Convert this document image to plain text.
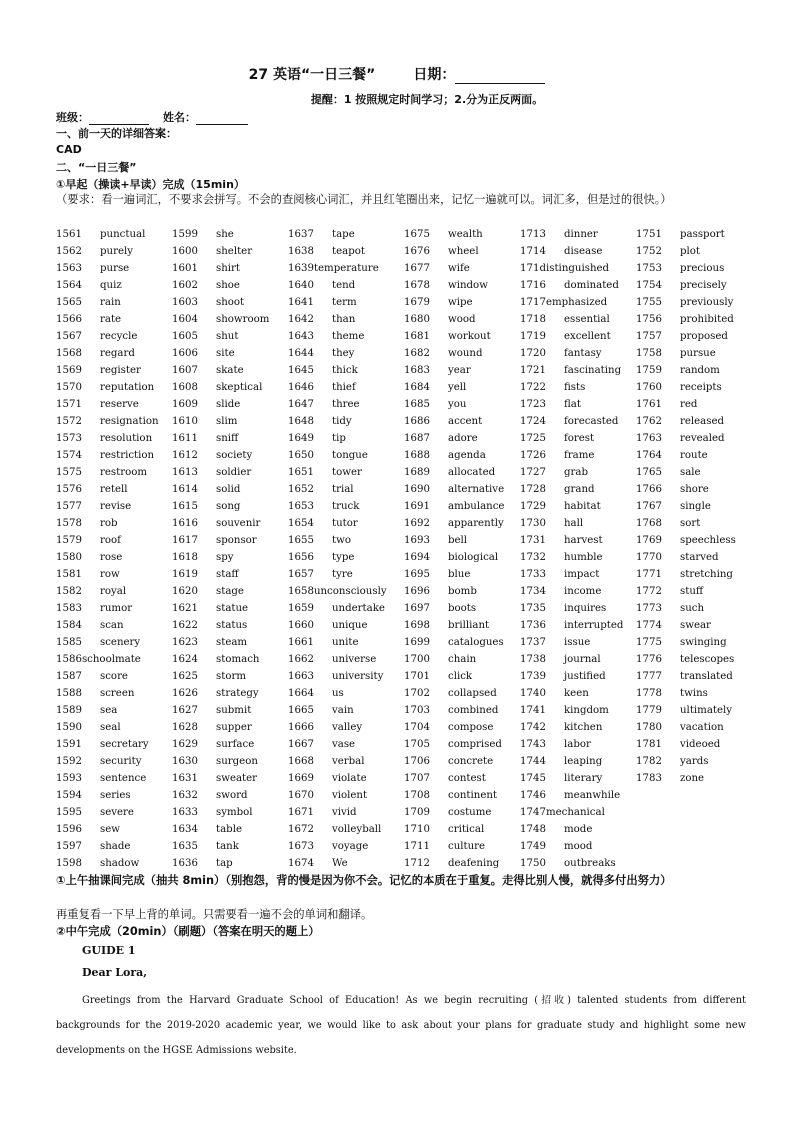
27 英语“一日三餐”	日期：
提醒：1 按照规定时间学习；2.分为正反两面。
班级：	姓名：
一、前一天的详细答案：
CAD
二、“一日三餐”
①早起（操读+早读）完成（15min）
（要求：看一遍词汇，不要求会拼写。不会的查阅核心词汇，并且红笔圈出来，记忆一遍就可以。词汇多，但是过的很快。）
1561 punctual
1562 purely
1563 purse
1564 quiz
1565 rain
1566 rate
1567 recycle
1568 regard
1569 register
1570 reputation
1571 reserve
1572 resignation
1573 resolution
1574 restriction
1575 restroom
1576 retell
1577 revise
1578 rob
1579 roof
1580 rose
1581 row
1582 royal
1583 rumor
1584 scan
1585 scenery
1586schoolmate
1587 score
1588 screen
1589 sea
1590 seal
1591 secretary
1592 security
1593 sentence
1594 series
1595 severe
1596 sew
1597 shade
1598 shadow
1599 she
1600 shelter
1601 shirt
1602 shoe
1603 shoot
1604 showroom
1605 shut
1606 site
1607 skate
1608 skeptical
1609 slide
1610 slim
1611 sniff
1612 society
1613 soldier
1614 solid
1615 song
1616 souvenir
1617 sponsor
1618 spy
1619 staff
1620 stage
1621 statue
1622 status
1623 steam
1624 stomach
1625 storm
1626 strategy
1627 submit
1628 supper
1629 surface
1630 surgeon
1631 sweater
1632 sword
1633 symbol
1634 table
1635 tank
1636 tap
1637 tape
1638 teapot
1639temperature
1640 tend
1641 term
1642 than
1643 theme
1644 they
1645 thick
1646 thief
1647 three
1648 tidy
1649 tip
1650 tongue
1651 tower
1652 trial
1653 truck
1654 tutor
1655 two
1656 type
1657 tyre
1658unconsciously
1659 undertake
1660 unique
1661 unite
1662 universe
1663 university
1664 us
1665 vain
1666 valley
1667 vase
1668 verbal
1669 violate
1670 violent
1671 vivid
1672 volleyball
1673 voyage
1674 We
1675 wealth
1676 wheel
1677 wife
1678 window
1679 wipe
1680 wood
1681 workout
1682 wound
1683 year
1684 yell
1685 you
1686 accent
1687 adore
1688 agenda
1689 allocated
1690 alternative
1691 ambulance
1692 apparently
1693 bell
1694 biological
1695 blue
1696 bomb
1697 boots
1698 brilliant
1699 catalogues
1700 chain
1701 click
1702 collapsed
1703 combined
1704 compose
1705 comprised
1706 concrete
1707 contest
1708 continent
1709 costume
1710 critical
1711 culture
1712 deafening
1713 dinner
1714 disease
171distinguished
1716 dominated
1717emphasized
1718 essential
1719 excellent
1720 fantasy
1721 fascinating
1722 fists
1723 flat
1724 forecasted
1725 forest
1726 frame
1727 grab
1728 grand
1729 habitat
1730 hall
1731 harvest
1732 humble
1733 impact
1734 income
1735 inquires
1736 interrupted
1737 issue
1738 journal
1739 justified
1740 keen
1741 kingdom
1742 kitchen
1743 labor
1744 leaping
1745 literary
1746 meanwhile
1747mechanical
1748 mode
1749 mood
1750 outbreaks
1751 passport
1752 plot
1753 precious
1754 precisely
1755 previously
1756 prohibited
1757 proposed
1758 pursue
1759 random
1760 receipts
1761 red
1762 released
1763 revealed
1764 route
1765 sale
1766 shore
1767 single
1768 sort
1769 speechless
1770 starved
1771 stretching
1772 stuff
1773 such
1774 swear
1775 swinging
1776 telescopes
1777 translated
1778 twins
1779 ultimately
1780 vacation
1781 videoed
1782 yards
1783 zone
①上午抽课间完成（抽共 8min）（别抱怨，背的慢是因为你不会。记忆的本质在于重复。走得比别人慢，就得多付出努力）
再重复看一下早上背的单词。只需要看一遍不会的单词和翻译。
②中午完成（20min）（刷题）（答案在明天的题上）
GUIDE 1
Dear Lora,
Greetings from the Harvard Graduate School of Education! As we begin recruiting (招收) talented students from different backgrounds for the 2019-2020 academic year, we would like to ask about your plans for graduate study and highlight some new developments on the HGSE Admissions website.
